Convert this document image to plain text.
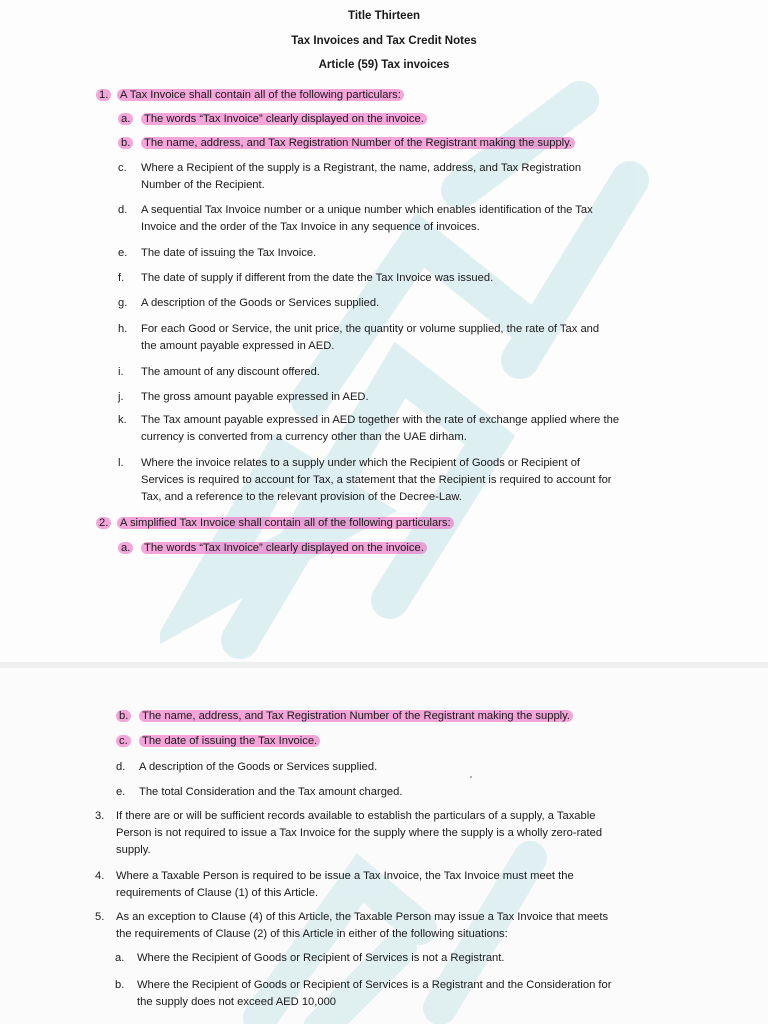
Title Thirteen
Tax Invoices and Tax Credit Notes
Article (59) Tax invoices
1. A Tax Invoice shall contain all of the following particulars:
a. The words “Tax Invoice” clearly displayed on the invoice.
b. The name, address, and Tax Registration Number of the Registrant making the supply.
c. Where a Recipient of the supply is a Registrant, the name, address, and Tax Registration
Number of the Recipient.
d. A sequential Tax Invoice number or a unique number which enables identification of the Tax
Invoice and the order of the Tax Invoice in any sequence of invoices.
e. The date of issuing the Tax Invoice.
f. The date of supply if different from the date the Tax Invoice was issued.
g. A description of the Goods or Services supplied.
h. For each Good or Service, the unit price, the quantity or volume supplied, the rate of Tax and
the amount payable expressed in AED.
i. The amount of any discount offered.
j. The gross amount payable expressed in AED.
k. The Tax amount payable expressed in AED together with the rate of exchange applied where the
currency is converted from a currency other than the UAE dirham.
l. Where the invoice relates to a supply under which the Recipient of Goods or Recipient of
Services is required to account for Tax, a statement that the Recipient is required to account for
Tax, and a reference to the relevant provision of the Decree-Law.
2. A simplified Tax Invoice shall contain all of the following particulars:
a. The words “Tax Invoice” clearly displayed on the invoice.
b. The name, address, and Tax Registration Number of the Registrant making the supply.
c. The date of issuing the Tax Invoice.
d. A description of the Goods or Services supplied.
e. The total Consideration and the Tax amount charged.
3. If there are or will be sufficient records available to establish the particulars of a supply, a Taxable
Person is not required to issue a Tax Invoice for the supply where the supply is a wholly zero-rated
supply.
4. Where a Taxable Person is required to be issue a Tax Invoice, the Tax Invoice must meet the
requirements of Clause (1) of this Article.
5. As an exception to Clause (4) of this Article, the Taxable Person may issue a Tax Invoice that meets
the requirements of Clause (2) of this Article in either of the following situations:
a. Where the Recipient of Goods or Recipient of Services is not a Registrant.
b. Where the Recipient of Goods or Recipient of Services is a Registrant and the Consideration for
the supply does not exceed AED 10,000
